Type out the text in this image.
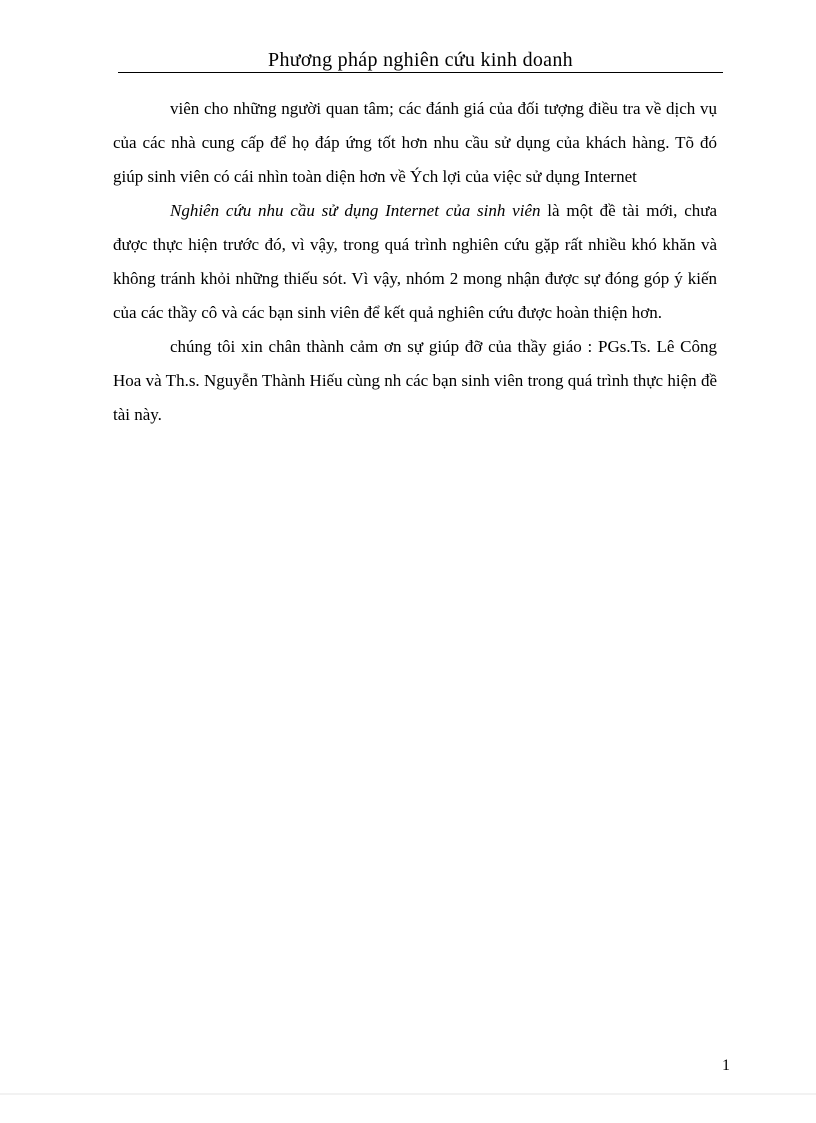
Phương pháp nghiên cứu kinh doanh

viên cho những người quan tâm; các đánh giá của đối tượng điều tra về dịch vụ của các nhà cung cấp để họ đáp ứng tốt hơn nhu cầu sử dụng của khách hàng. Tõ đó giúp sinh viên có cái nhìn toàn diện hơn về Ých lợi của việc sử dụng Internet

Nghiên cứu nhu cầu sử dụng Internet của sinh viên là một đề tài mới, chưa được thực hiện trước đó, vì vậy, trong quá trình nghiên cứu gặp rất nhiều khó khăn và không tránh khỏi những thiếu sót. Vì vậy, nhóm 2 mong nhận được sự đóng góp ý kiến của các thầy cô và các bạn sinh viên để kết quả nghiên cứu được hoàn thiện hơn.

chúng tôi xin chân thành cảm ơn sự giúp đỡ của thầy giáo : PGs.Ts. Lê Công Hoa và Th.s. Nguyễn Thành Hiếu cùng nh các bạn sinh viên trong quá trình thực hiện đề tài này.

1
